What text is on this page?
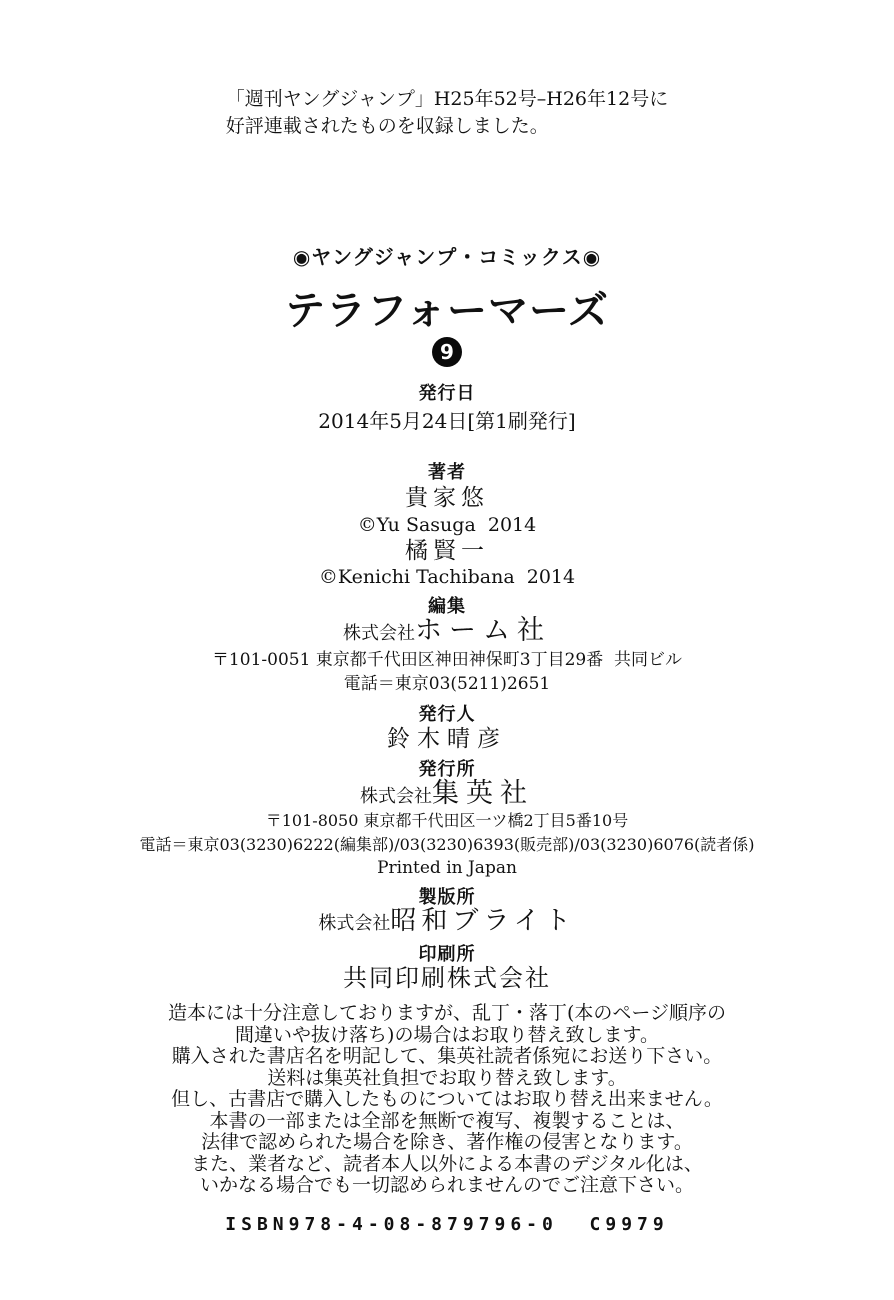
「週刊ヤングジャンプ」H25年52号–H26年12号に
好評連載されたものを収録しました。
◉ヤングジャンプ・コミックス◉
テラフォーマーズ
9
発行日
2014年5月24日[第1刷発行]
著者
貴家悠
©Yu Sasuga  2014
橘賢一
©Kenichi Tachibana  2014
編集
株式会社ホーム社
〒101-0051 東京都千代田区神田神保町3丁目29番  共同ビル
電話＝東京03(5211)2651
発行人
鈴木晴彦
発行所
株式会社集英社
〒101-8050 東京都千代田区一ツ橋2丁目5番10号
電話＝東京03(3230)6222(編集部)/03(3230)6393(販売部)/03(3230)6076(読者係)
Printed in Japan
製版所
株式会社昭和ブライト
印刷所
共同印刷株式会社
造本には十分注意しておりますが、乱丁・落丁(本のページ順序の
間違いや抜け落ち)の場合はお取り替え致します。
購入された書店名を明記して、集英社読者係宛にお送り下さい。
送料は集英社負担でお取り替え致します。
但し、古書店で購入したものについてはお取り替え出来ません。
本書の一部または全部を無断で複写、複製することは、
法律で認められた場合を除き、著作権の侵害となります。
また、業者など、読者本人以外による本書のデジタル化は、
いかなる場合でも一切認められませんのでご注意下さい。
ISBN978-4-08-879796-0  C9979
